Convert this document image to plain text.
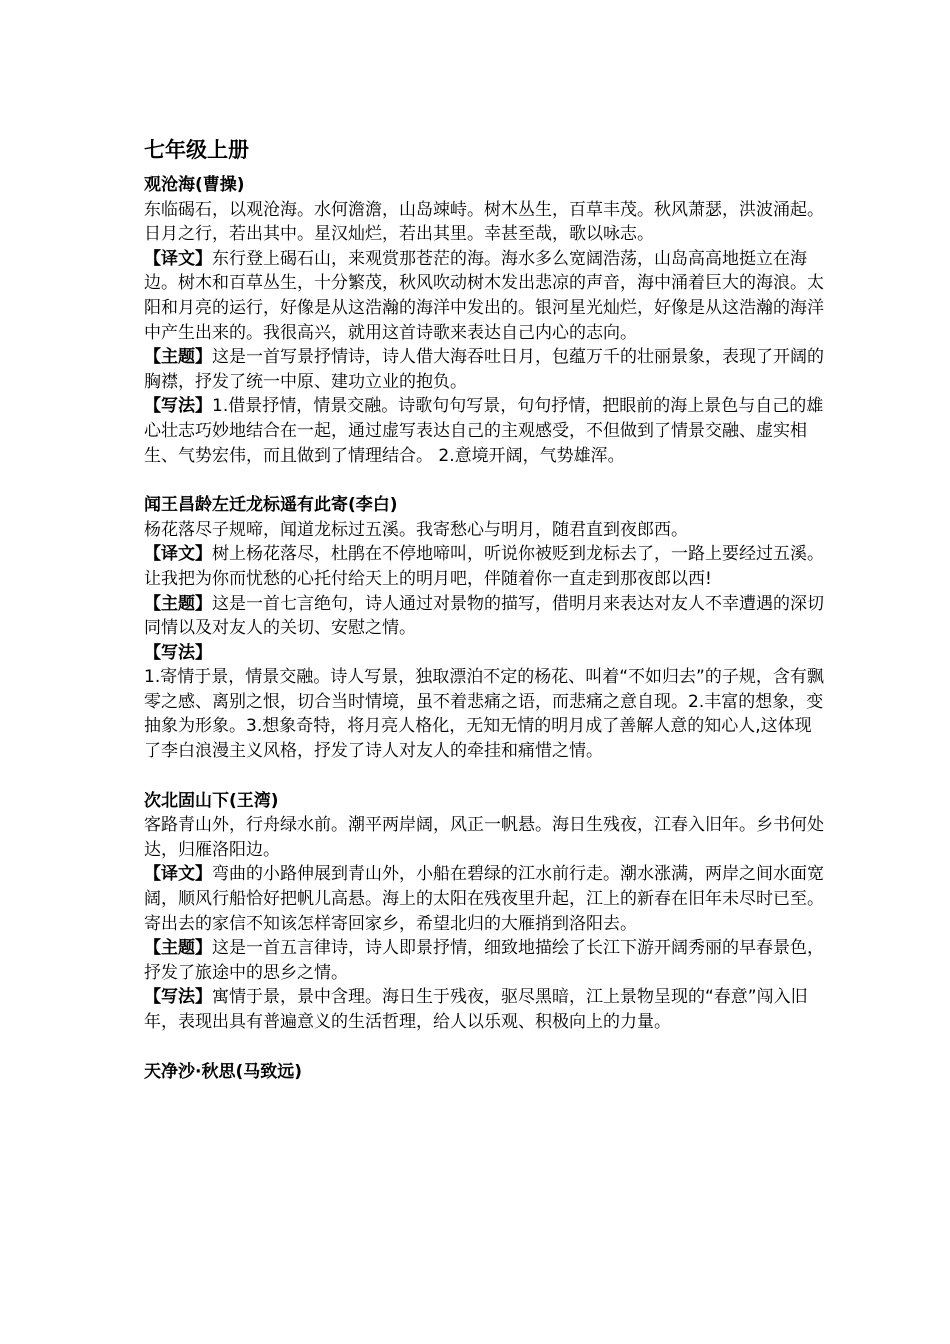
七年级上册

观沧海(曹操)

东临碣石，以观沧海。水何澹澹，山岛竦峙。树木丛生，百草丰茂。秋风萧瑟，洪波涌起。日月之行，若出其中。星汉灿烂，若出其里。幸甚至哉，歌以咏志。

【译文】东行登上碣石山，来观赏那苍茫的海。海水多么宽阔浩荡，山岛高高地挺立在海边。树木和百草丛生，十分繁茂，秋风吹动树木发出悲凉的声音，海中涌着巨大的海浪。太阳和月亮的运行，好像是从这浩瀚的海洋中发出的。银河星光灿烂，好像是从这浩瀚的海洋中产生出来的。我很高兴，就用这首诗歌来表达自己内心的志向。

【主题】这是一首写景抒情诗，诗人借大海吞吐日月，包蕴万千的壮丽景象，表现了开阔的胸襟，抒发了统一中原、建功立业的抱负。

【写法】1.借景抒情，情景交融。诗歌句句写景，句句抒情，把眼前的海上景色与自己的雄心壮志巧妙地结合在一起，通过虚写表达自己的主观感受，不但做到了情景交融、虚实相生、气势宏伟，而且做到了情理结合。 2.意境开阔，气势雄浑。

闻王昌龄左迁龙标遥有此寄(李白)

杨花落尽子规啼，闻道龙标过五溪。我寄愁心与明月，随君直到夜郎西。

【译文】树上杨花落尽，杜鹃在不停地啼叫，听说你被贬到龙标去了，一路上要经过五溪。让我把为你而忧愁的心托付给天上的明月吧，伴随着你一直走到那夜郎以西!

【主题】这是一首七言绝句，诗人通过对景物的描写，借明月来表达对友人不幸遭遇的深切同情以及对友人的关切、安慰之情。

【写法】

1.寄情于景，情景交融。诗人写景，独取漂泊不定的杨花、叫着“不如归去”的子规，含有飘零之感、离别之恨，切合当时情境，虽不着悲痛之语，而悲痛之意自现。2.丰富的想象，变抽象为形象。3.想象奇特，将月亮人格化，无知无情的明月成了善解人意的知心人,这体现了李白浪漫主义风格，抒发了诗人对友人的牵挂和痛惜之情。

次北固山下(王湾)

客路青山外，行舟绿水前。潮平两岸阔，风正一帆悬。海日生残夜，江春入旧年。乡书何处达，归雁洛阳边。

【译文】弯曲的小路伸展到青山外，小船在碧绿的江水前行走。潮水涨满，两岸之间水面宽阔，顺风行船恰好把帆儿高悬。海上的太阳在残夜里升起，江上的新春在旧年未尽时已至。寄出去的家信不知该怎样寄回家乡，希望北归的大雁捎到洛阳去。

【主题】这是一首五言律诗，诗人即景抒情，细致地描绘了长江下游开阔秀丽的早春景色，抒发了旅途中的思乡之情。

【写法】寓情于景，景中含理。海日生于残夜，驱尽黑暗，江上景物呈现的“春意”闯入旧年，表现出具有普遍意义的生活哲理，给人以乐观、积极向上的力量。

天净沙·秋思(马致远)
